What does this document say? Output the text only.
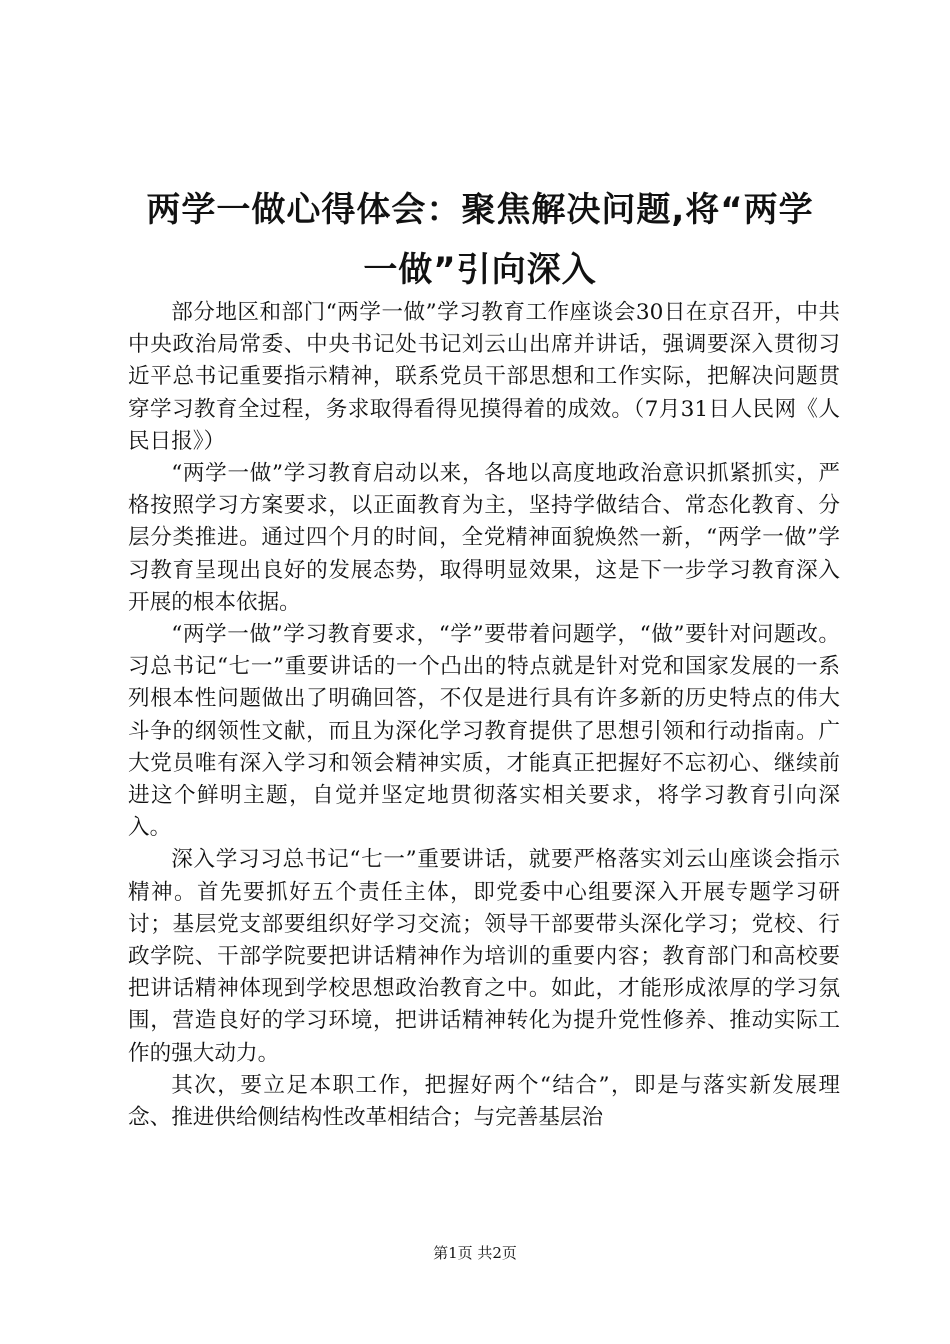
两学一做心得体会：聚焦解决问题,将“两学
一做”引向深入

部分地区和部门“两学一做”学习教育工作座谈会30日在京召开，中共中央政治局常委、中央书记处书记刘云山出席并讲话，强调要深入贯彻习近平总书记重要指示精神，联系党员干部思想和工作实际，把解决问题贯穿学习教育全过程，务求取得看得见摸得着的成效。（7月31日人民网《人民日报》）

“两学一做”学习教育启动以来，各地以高度地政治意识抓紧抓实，严格按照学习方案要求，以正面教育为主，坚持学做结合、常态化教育、分层分类推进。通过四个月的时间，全党精神面貌焕然一新，“两学一做”学习教育呈现出良好的发展态势，取得明显效果，这是下一步学习教育深入开展的根本依据。

“两学一做”学习教育要求，“学”要带着问题学，“做”要针对问题改。习总书记“七一”重要讲话的一个凸出的特点就是针对党和国家发展的一系列根本性问题做出了明确回答，不仅是进行具有许多新的历史特点的伟大斗争的纲领性文献，而且为深化学习教育提供了思想引领和行动指南。广大党员唯有深入学习和领会精神实质，才能真正把握好不忘初心、继续前进这个鲜明主题，自觉并坚定地贯彻落实相关要求，将学习教育引向深入。

深入学习习总书记“七一”重要讲话，就要严格落实刘云山座谈会指示精神。首先要抓好五个责任主体，即党委中心组要深入开展专题学习研讨；基层党支部要组织好学习交流；领导干部要带头深化学习；党校、行政学院、干部学院要把讲话精神作为培训的重要内容；教育部门和高校要把讲话精神体现到学校思想政治教育之中。如此，才能形成浓厚的学习氛围，营造良好的学习环境，把讲话精神转化为提升党性修养、推动实际工作的强大动力。

其次，要立足本职工作，把握好两个“结合”，即是与落实新发展理念、推进供给侧结构性改革相结合；与完善基层治

第1页 共2页
